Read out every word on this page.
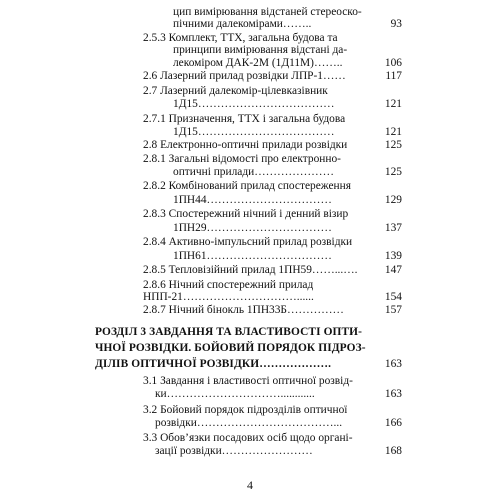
цип вимірювання відстаней стереоско-
пічними далекомірами……..	93
2.5.3 Комплект, ТТХ, загальна будова та
принципи вимірювання відстані да-
лекоміром ДАК-2М (1Д11М)……..	106
2.6 Лазерний прилад розвідки ЛПР-1……	117
2.7 Лазерний далекомір-цілевказівник
1Д15………………………………	121
2.7.1 Призначення, ТТХ і загальна будова
1Д15………………………………	121
2.8 Електронно-оптичні прилади розвідки	125
2.8.1 Загальні відомості про електронно-
оптичні прилади…………………	125
2.8.2 Комбінований прилад спостереження
1ПН44……………………………	129
2.8.3 Спостережний нічний і денний візир
1ПН29……………………………	137
2.8.4 Активно-імпульсний прилад розвідки
1ПН61……………………………	139
2.8.5 Тепловізійний прилад 1ПН59……...….	147
2.8.6 Нічний спостережний прилад
НПП-21…………………………......	154
2.8.7 Нічний бінокль 1ПН33Б……………	157
РОЗДІЛ 3 ЗАВДАННЯ ТА ВЛАСТИВОСТІ ОПТИ-
ЧНОЇ РОЗВІДКИ. БОЙОВИЙ ПОРЯДОК ПІДРОЗ-
ДІЛІВ ОПТИЧНОЇ РОЗВІДКИ……………….	163
3.1 Завдання і властивості оптичної розвід-
ки…………………………............	163
3.2 Бойовий порядок підрозділів оптичної
розвідки………………………………...	166
3.3 Обов’язки посадових осіб щодо органі-
зації розвідки……………………	168
4
